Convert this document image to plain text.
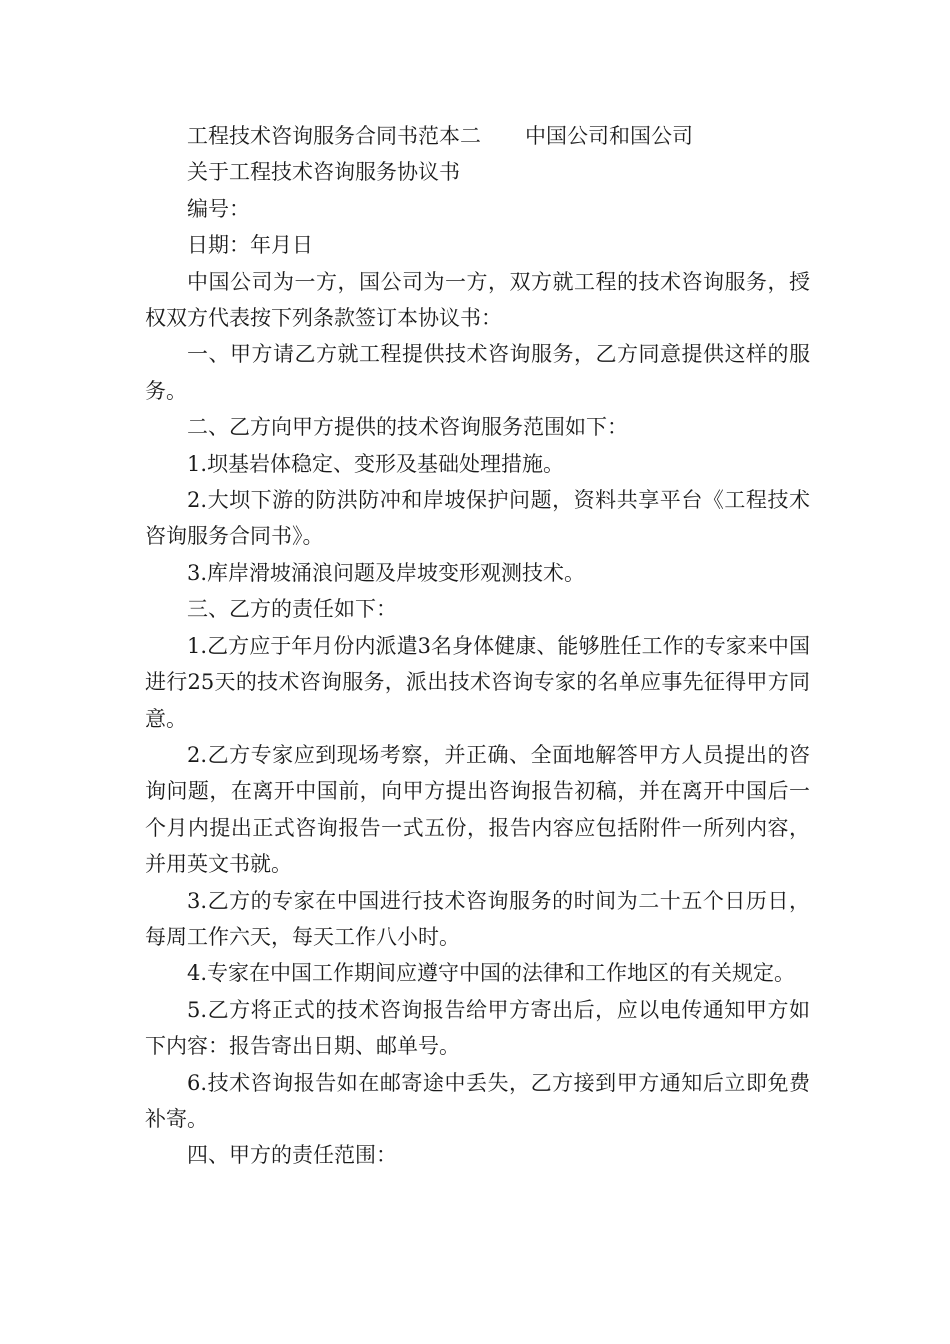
工程技术咨询服务合同书范本二 中国公司和国公司

关于工程技术咨询服务协议书

编号：

日期：年月日

中国公司为一方，国公司为一方，双方就工程的技术咨询服务，授权双方代表按下列条款签订本协议书：

一、甲方请乙方就工程提供技术咨询服务，乙方同意提供这样的服务。

二、乙方向甲方提供的技术咨询服务范围如下：

1.坝基岩体稳定、变形及基础处理措施。

2.大坝下游的防洪防冲和岸坡保护问题，资料共享平台《工程技术咨询服务合同书》。

3.库岸滑坡涌浪问题及岸坡变形观测技术。

三、乙方的责任如下：

1.乙方应于年月份内派遣3名身体健康、能够胜任工作的专家来中国进行25天的技术咨询服务，派出技术咨询专家的名单应事先征得甲方同意。

2.乙方专家应到现场考察，并正确、全面地解答甲方人员提出的咨询问题，在离开中国前，向甲方提出咨询报告初稿，并在离开中国后一个月内提出正式咨询报告一式五份，报告内容应包括附件一所列内容，并用英文书就。

3.乙方的专家在中国进行技术咨询服务的时间为二十五个日历日，每周工作六天，每天工作八小时。

4.专家在中国工作期间应遵守中国的法律和工作地区的有关规定。

5.乙方将正式的技术咨询报告给甲方寄出后，应以电传通知甲方如下内容：报告寄出日期、邮单号。

6.技术咨询报告如在邮寄途中丢失，乙方接到甲方通知后立即免费补寄。

四、甲方的责任范围：
